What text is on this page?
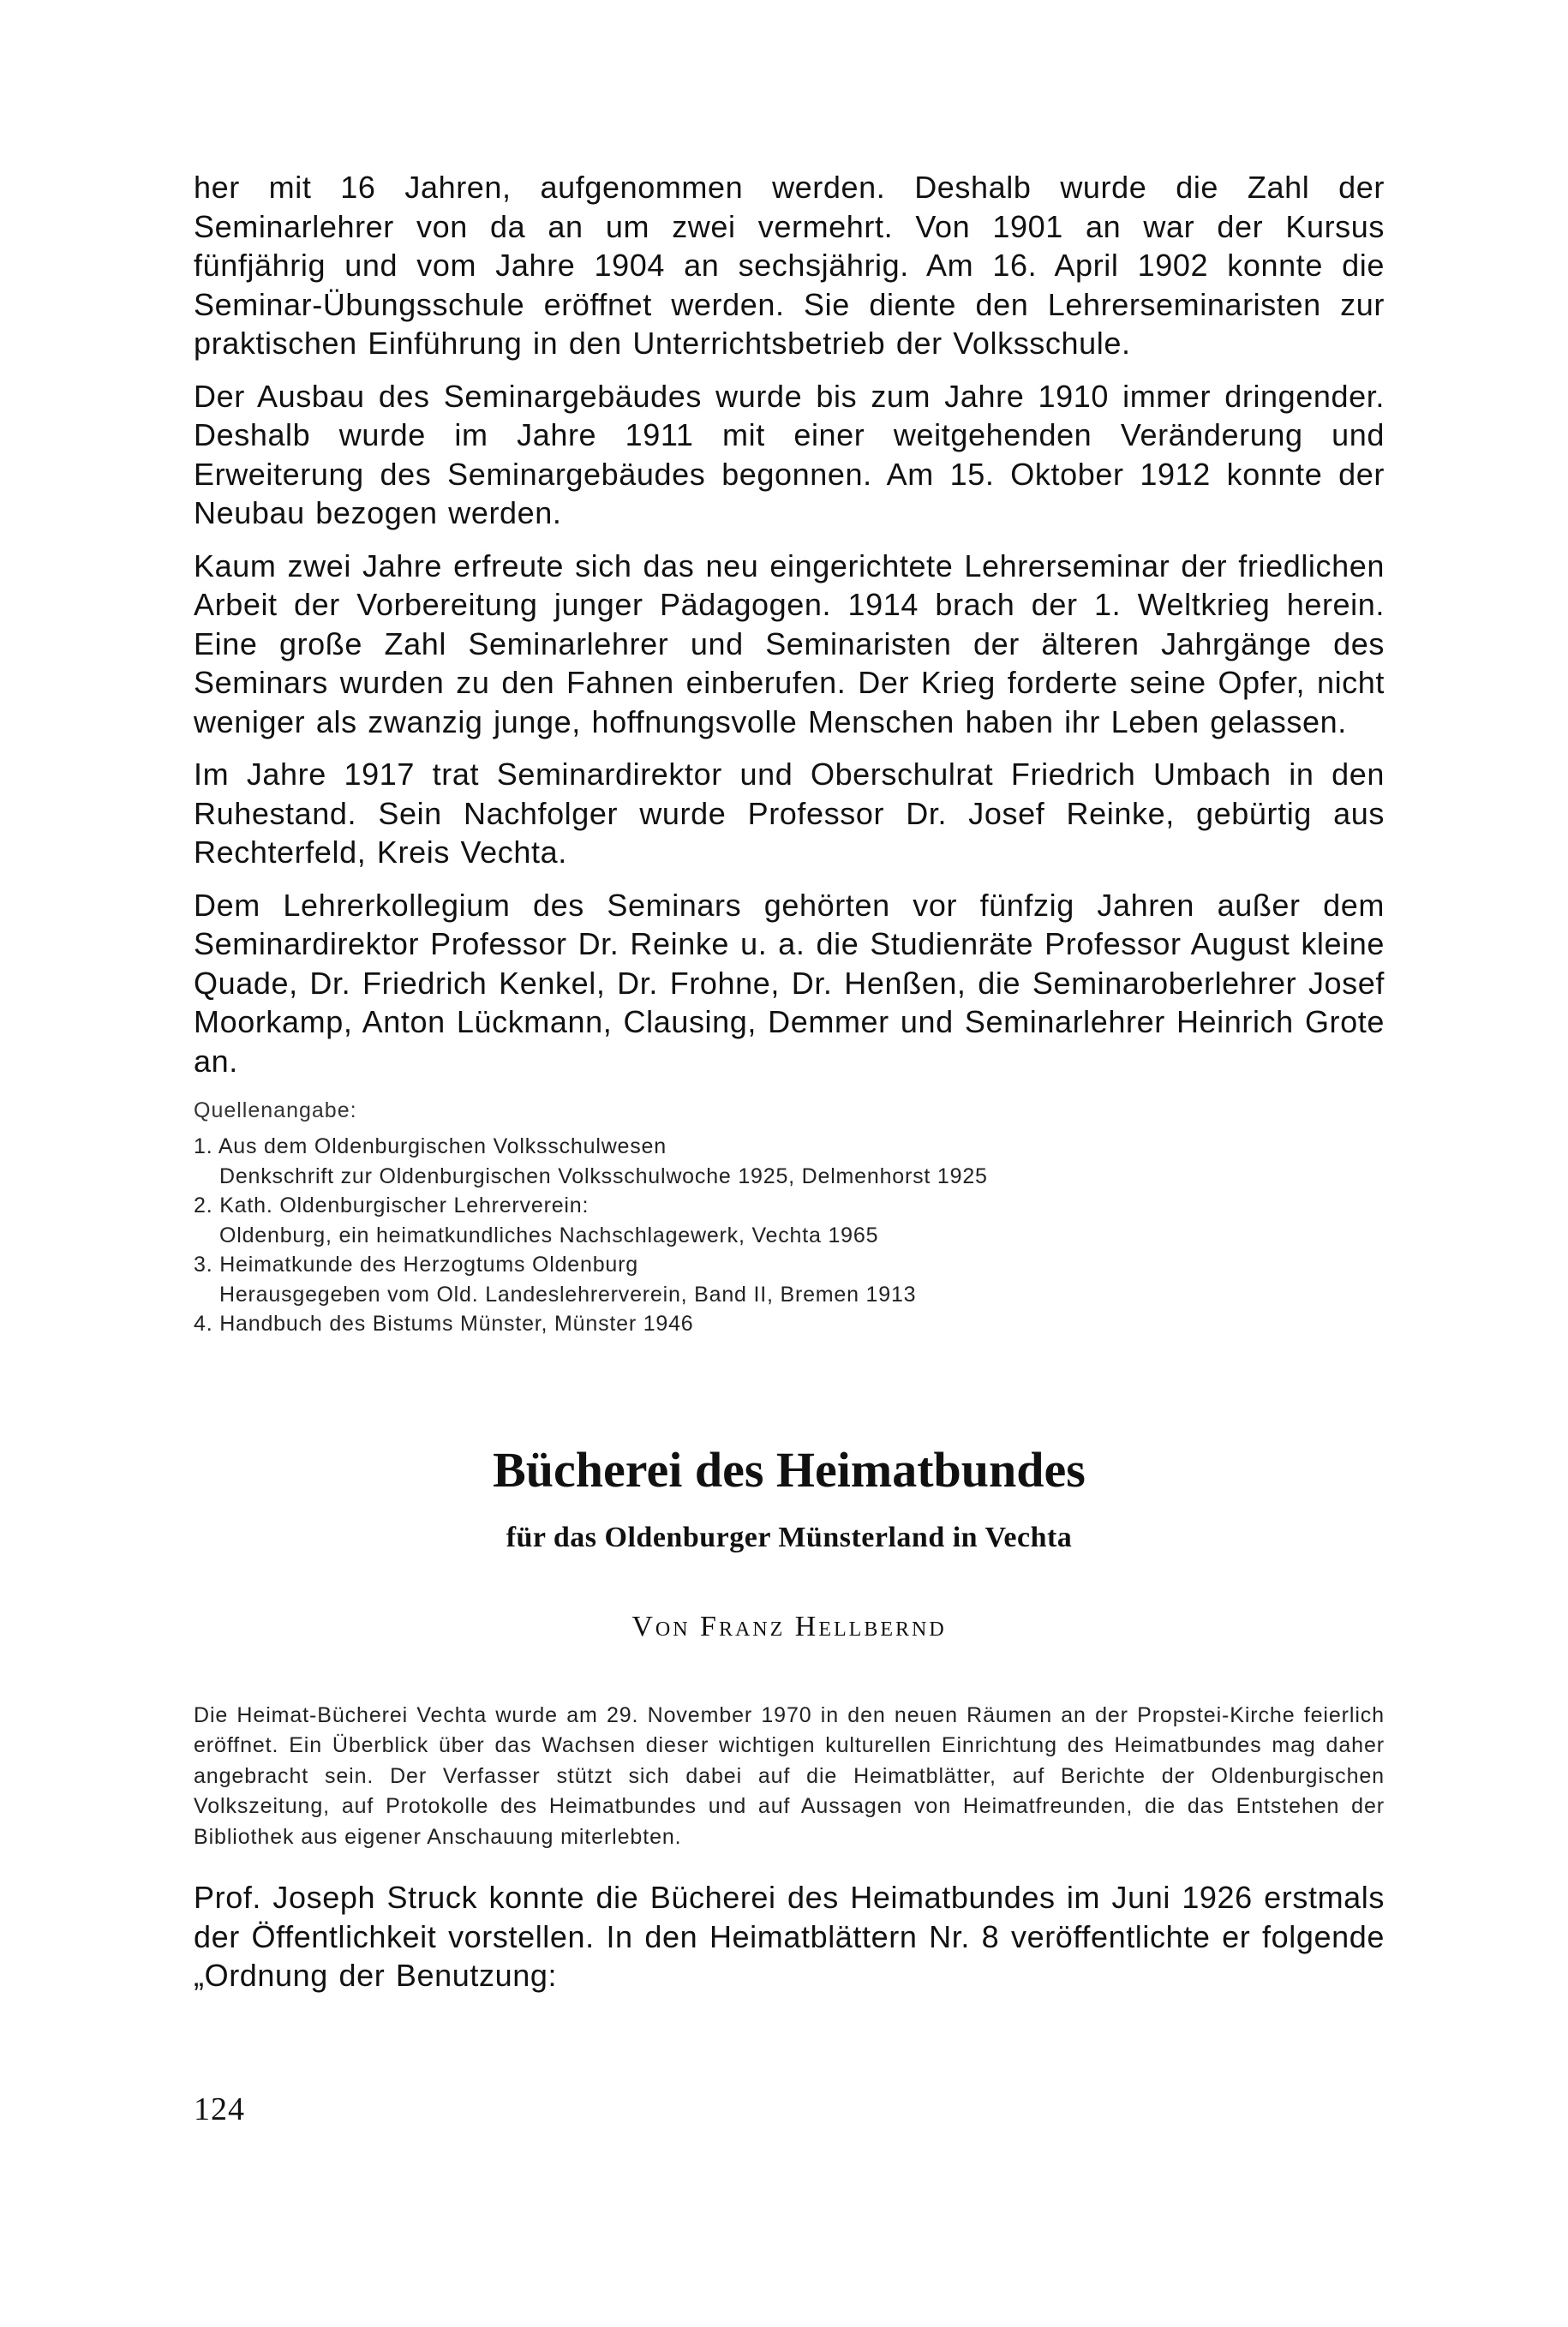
her mit 16 Jahren, aufgenommen werden. Deshalb wurde die Zahl der Seminarlehrer von da an um zwei vermehrt. Von 1901 an war der Kursus fünfjährig und vom Jahre 1904 an sechsjährig. Am 16. April 1902 konnte die Seminar-Übungsschule eröffnet werden. Sie diente den Lehrerseminaristen zur praktischen Einführung in den Unterrichtsbetrieb der Volksschule.

Der Ausbau des Seminargebäudes wurde bis zum Jahre 1910 immer dringender. Deshalb wurde im Jahre 1911 mit einer weitgehenden Veränderung und Erweiterung des Seminargebäudes begonnen. Am 15. Oktober 1912 konnte der Neubau bezogen werden.

Kaum zwei Jahre erfreute sich das neu eingerichtete Lehrerseminar der friedlichen Arbeit der Vorbereitung junger Pädagogen. 1914 brach der 1. Weltkrieg herein. Eine große Zahl Seminarlehrer und Seminaristen der älteren Jahrgänge des Seminars wurden zu den Fahnen einberufen. Der Krieg forderte seine Opfer, nicht weniger als zwanzig junge, hoffnungsvolle Menschen haben ihr Leben gelassen.

Im Jahre 1917 trat Seminardirektor und Oberschulrat Friedrich Umbach in den Ruhestand. Sein Nachfolger wurde Professor Dr. Josef Reinke, gebürtig aus Rechterfeld, Kreis Vechta.

Dem Lehrerkollegium des Seminars gehörten vor fünfzig Jahren außer dem Seminardirektor Professor Dr. Reinke u. a. die Studienräte Professor August kleine Quade, Dr. Friedrich Kenkel, Dr. Frohne, Dr. Henßen, die Seminaroberlehrer Josef Moorkamp, Anton Lückmann, Clausing, Demmer und Seminarlehrer Heinrich Grote an.

Quellenangabe:
1. Aus dem Oldenburgischen Volksschulwesen
Denkschrift zur Oldenburgischen Volksschulwoche 1925, Delmenhorst 1925
2. Kath. Oldenburgischer Lehrerverein:
Oldenburg, ein heimatkundliches Nachschlagewerk, Vechta 1965
3. Heimatkunde des Herzogtums Oldenburg
Herausgegeben vom Old. Landeslehrerverein, Band II, Bremen 1913
4. Handbuch des Bistums Münster, Münster 1946
Bücherei des Heimatbundes
für das Oldenburger Münsterland in Vechta
Von Franz Hellbernd

Die Heimat-Bücherei Vechta wurde am 29. November 1970 in den neuen Räumen an der Propstei-Kirche feierlich eröffnet. Ein Überblick über das Wachsen dieser wichtigen kulturellen Einrichtung des Heimatbundes mag daher angebracht sein. Der Verfasser stützt sich dabei auf die Heimatblätter, auf Berichte der Oldenburgischen Volkszeitung, auf Protokolle des Heimatbundes und auf Aussagen von Heimatfreunden, die das Entstehen der Bibliothek aus eigener Anschauung miterlebten.

Prof. Joseph Struck konnte die Bücherei des Heimatbundes im Juni 1926 erstmals der Öffentlichkeit vorstellen. In den Heimatblättern Nr. 8 veröffentlichte er folgende „Ordnung der Benutzung:

124
